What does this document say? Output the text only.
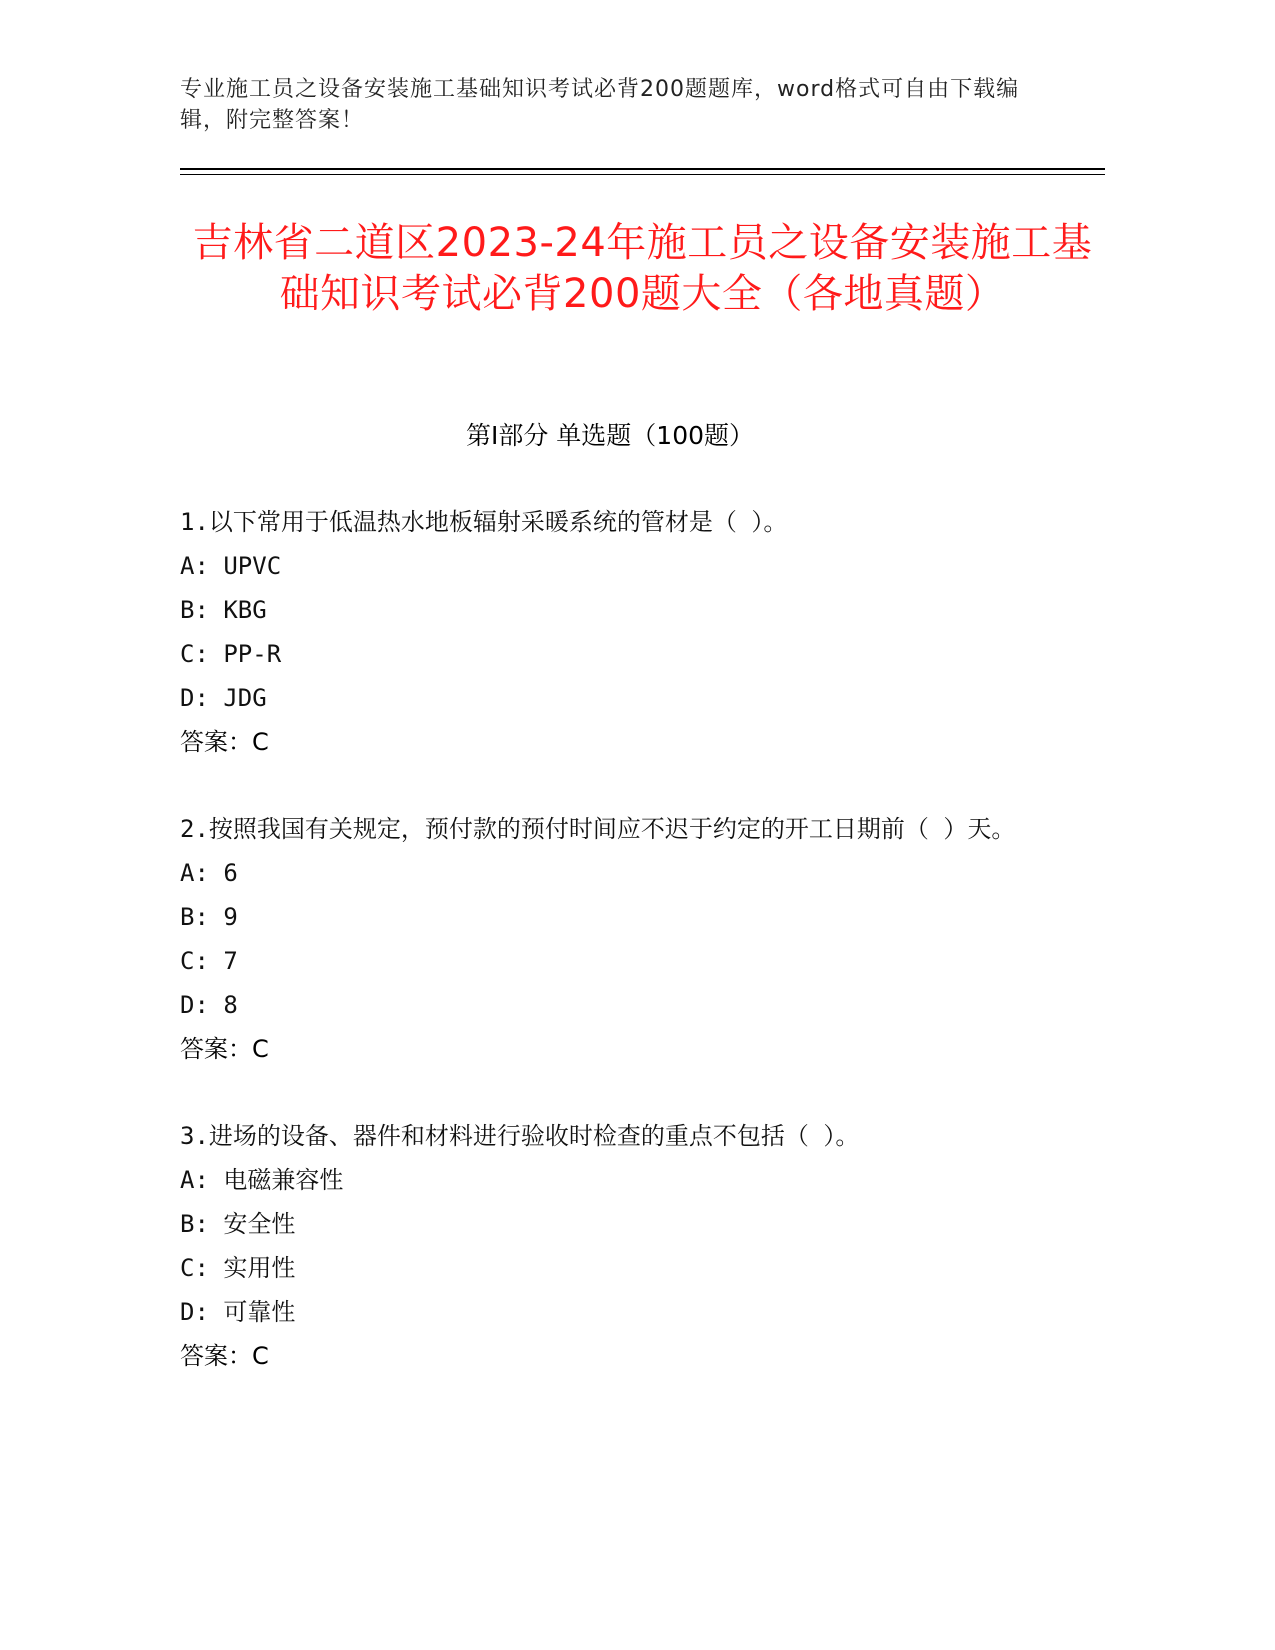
专业施工员之设备安装施工基础知识考试必背200题题库，word格式可自由下载编辑，附完整答案！
吉林省二道区2023-24年施工员之设备安装施工基础知识考试必背200题大全（各地真题）
第Ⅰ部分 单选题（100题）
1.以下常用于低温热水地板辐射采暖系统的管材是（ ）。
A: UPVC
B: KBG
C: PP-R
D: JDG
答案：C
2.按照我国有关规定，预付款的预付时间应不迟于约定的开工日期前（ ）天。
A: 6
B: 9
C: 7
D: 8
答案：C
3.进场的设备、器件和材料进行验收时检查的重点不包括（ ）。
A: 电磁兼容性
B: 安全性
C: 实用性
D: 可靠性
答案：C
